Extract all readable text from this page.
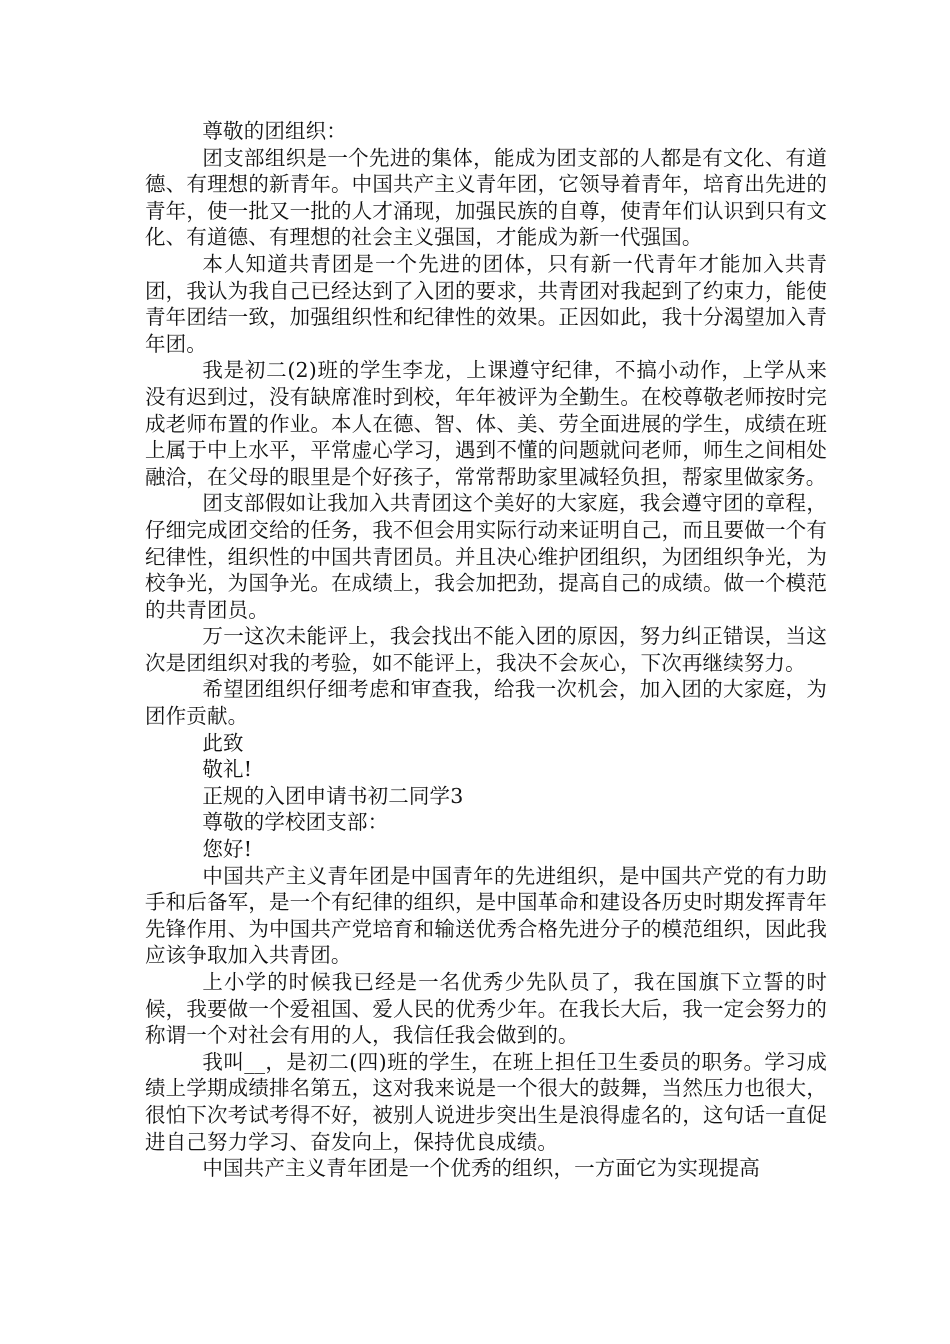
尊敬的团组织：

团支部组织是一个先进的集体，能成为团支部的人都是有文化、有道德、有理想的新青年。中国共产主义青年团，它领导着青年，培育出先进的青年，使一批又一批的人才涌现，加强民族的自尊，使青年们认识到只有文化、有道德、有理想的社会主义强国，才能成为新一代强国。

本人知道共青团是一个先进的团体，只有新一代青年才能加入共青团，我认为我自己已经达到了入团的要求，共青团对我起到了约束力，能使青年团结一致，加强组织性和纪律性的效果。正因如此，我十分渴望加入青年团。

我是初二(2)班的学生李龙，上课遵守纪律，不搞小动作，上学从来没有迟到过，没有缺席准时到校，年年被评为全勤生。在校尊敬老师按时完成老师布置的作业。本人在德、智、体、美、劳全面进展的学生，成绩在班上属于中上水平，平常虚心学习，遇到不懂的问题就问老师，师生之间相处融洽，在父母的眼里是个好孩子，常常帮助家里减轻负担，帮家里做家务。

团支部假如让我加入共青团这个美好的大家庭，我会遵守团的章程，仔细完成团交给的任务，我不但会用实际行动来证明自己，而且要做一个有纪律性，组织性的中国共青团员。并且决心维护团组织，为团组织争光，为校争光，为国争光。在成绩上，我会加把劲，提高自己的成绩。做一个模范的共青团员。

万一这次未能评上，我会找出不能入团的原因，努力纠正错误，当这次是团组织对我的考验，如不能评上，我决不会灰心，下次再继续努力。

希望团组织仔细考虑和审查我，给我一次机会，加入团的大家庭，为团作贡献。

此致

敬礼!

正规的入团申请书初二同学3

尊敬的学校团支部：

您好!

中国共产主义青年团是中国青年的先进组织，是中国共产党的有力助手和后备军，是一个有纪律的组织，是中国革命和建设各历史时期发挥青年先锋作用、为中国共产党培育和输送优秀合格先进分子的模范组织，因此我应该争取加入共青团。

上小学的时候我已经是一名优秀少先队员了，我在国旗下立誓的时候，我要做一个爱祖国、爱人民的优秀少年。在我长大后，我一定会努力的称谓一个对社会有用的人，我信任我会做到的。

我叫__，是初二(四)班的学生，在班上担任卫生委员的职务。学习成绩上学期成绩排名第五，这对我来说是一个很大的鼓舞，当然压力也很大，很怕下次考试考得不好，被别人说进步突出生是浪得虚名的，这句话一直促进自己努力学习、奋发向上，保持优良成绩。

中国共产主义青年团是一个优秀的组织，一方面它为实现提高
